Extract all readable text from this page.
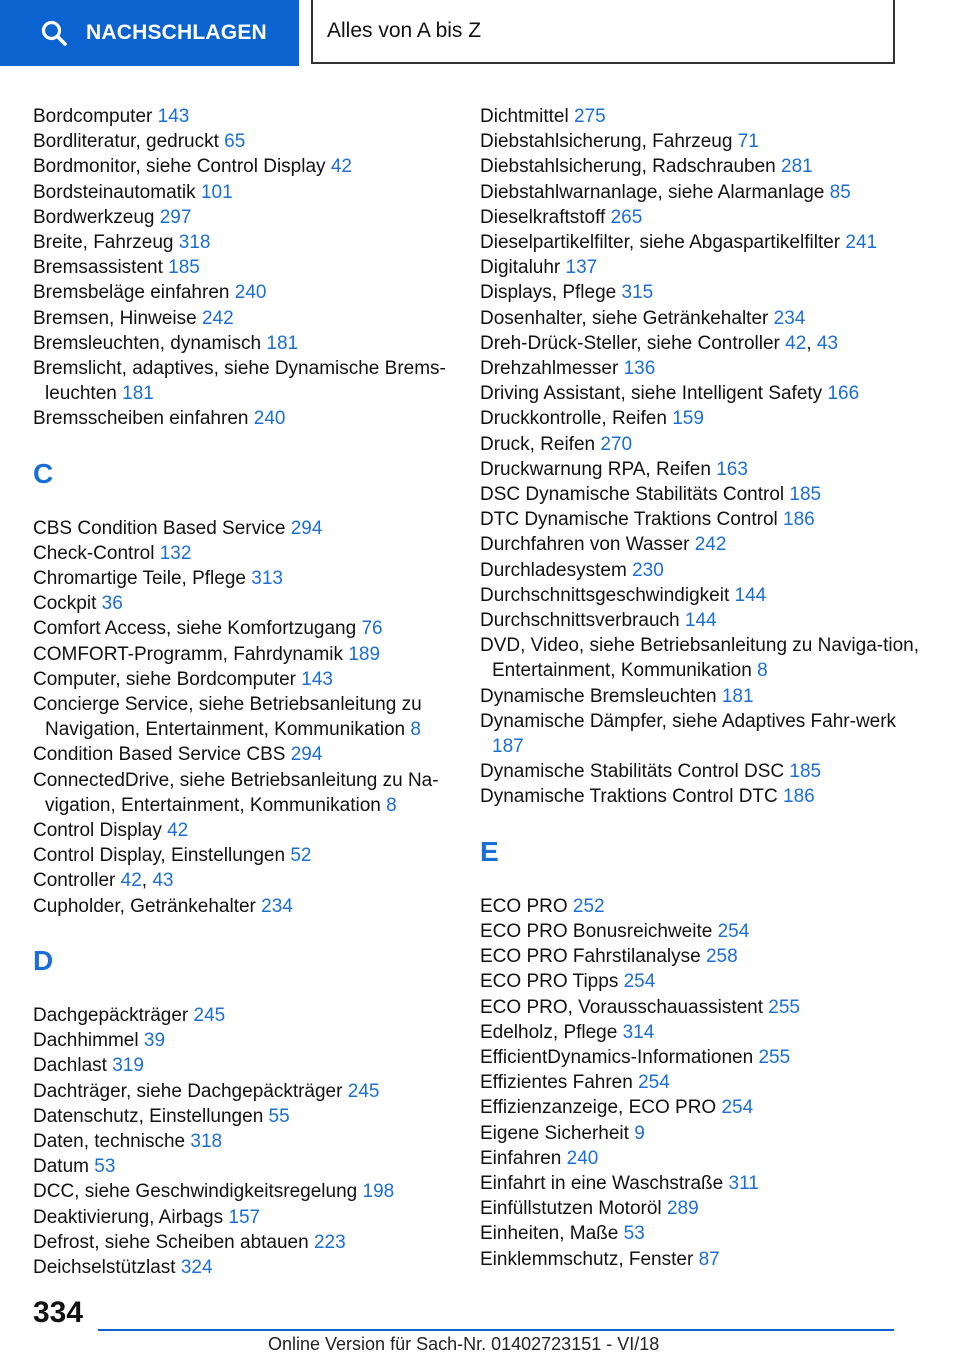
NACHSCHLAGEN	Alles von A bis Z

Bordcomputer 143

Bordliteratur, gedruckt 65

Bordmonitor, siehe Control Display 42

Bordsteinautomatik 101

Bordwerkzeug 297

Breite, Fahrzeug 318

Bremsassistent 185

Bremsbeläge einfahren 240

Bremsen, Hinweise 242

Bremsleuchten, dynamisch 181

Bremslicht, adaptives, siehe Dynamische Brems-leuchten 181

Bremsscheiben einfahren 240

C

CBS Condition Based Service 294

Check-Control 132

Chromartige Teile, Pflege 313

Cockpit 36

Comfort Access, siehe Komfortzugang 76

COMFORT-Programm, Fahrdynamik 189

Computer, siehe Bordcomputer 143

Concierge Service, siehe Betriebsanleitung zu Navigation, Entertainment, Kommunikation 8

Condition Based Service CBS 294

ConnectedDrive, siehe Betriebsanleitung zu Na-vigation, Entertainment, Kommunikation 8

Control Display 42

Control Display, Einstellungen 52

Controller 42, 43

Cupholder, Getränkehalter 234

D

Dachgepäckträger 245

Dachhimmel 39

Dachlast 319

Dachträger, siehe Dachgepäckträger 245

Datenschutz, Einstellungen 55

Daten, technische 318

Datum 53

DCC, siehe Geschwindigkeitsregelung 198

Deaktivierung, Airbags 157

Defrost, siehe Scheiben abtauen 223

Deichselstützlast 324

Dichtmittel 275

Diebstahlsicherung, Fahrzeug 71

Diebstahlsicherung, Radschrauben 281

Diebstahlwarnanlage, siehe Alarmanlage 85

Dieselkraftstoff 265

Dieselpartikelfilter, siehe Abgaspartikelfilter 241

Digitaluhr 137

Displays, Pflege 315

Dosenhalter, siehe Getränkehalter 234

Dreh-Drück-Steller, siehe Controller 42, 43

Drehzahlmesser 136

Driving Assistant, siehe Intelligent Safety 166

Druckkontrolle, Reifen 159

Druck, Reifen 270

Druckwarnung RPA, Reifen 163

DSC Dynamische Stabilitäts Control 185

DTC Dynamische Traktions Control 186

Durchfahren von Wasser 242

Durchladesystem 230

Durchschnittsgeschwindigkeit 144

Durchschnittsverbrauch 144

DVD, Video, siehe Betriebsanleitung zu Naviga-tion, Entertainment, Kommunikation 8

Dynamische Bremsleuchten 181

Dynamische Dämpfer, siehe Adaptives Fahr-werk 187

Dynamische Stabilitäts Control DSC 185

Dynamische Traktions Control DTC 186

E

ECO PRO 252

ECO PRO Bonusreichweite 254

ECO PRO Fahrstilanalyse 258

ECO PRO Tipps 254

ECO PRO, Vorausschauassistent 255

Edelholz, Pflege 314

EfficientDynamics-Informationen 255

Effizientes Fahren 254

Effizienzanzeige, ECO PRO 254

Eigene Sicherheit 9

Einfahren 240

Einfahrt in eine Waschstraße 311

Einfüllstutzen Motoröl 289

Einheiten, Maße 53

Einklemmschutz, Fenster 87

334
Online Version für Sach-Nr. 01402723151 - VI/18
